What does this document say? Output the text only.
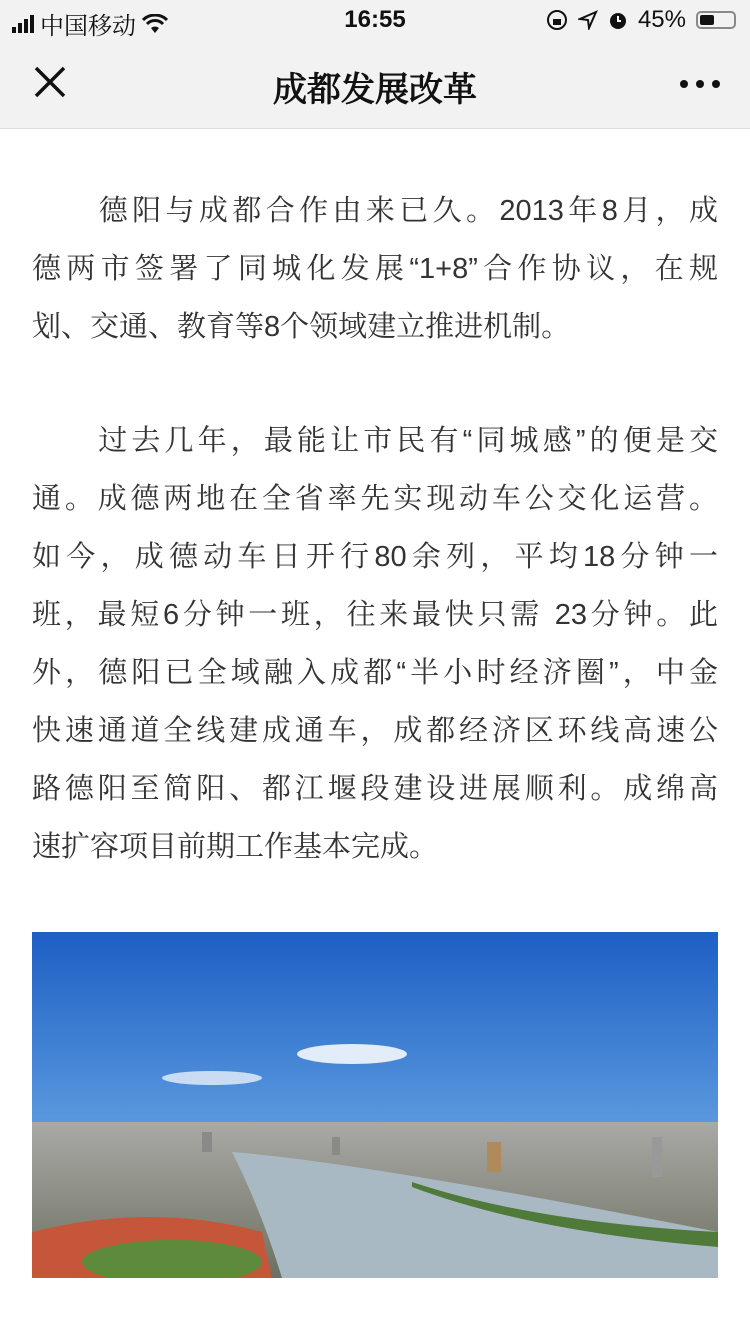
中国移动	16:55	45%
成都发展改革
　　德阳与成都合作由来已久。2013年8月，成
德两市签署了同城化发展“1+8”合作协议，在规
划、交通、教育等8个领域建立推进机制。
　　过去几年，最能让市民有“同城感”的便是交
通。成德两地在全省率先实现动车公交化运营。
如今，成德动车日开行80余列，平均18分钟一
班，最短6分钟一班，往来最快只需 23分钟。此
外，德阳已全域融入成都“半小时经济圈”，中金
快速通道全线建成通车，成都经济区环线高速公
路德阳至简阳、都江堰段建设进展顺利。成绵高
速扩容项目前期工作基本完成。
